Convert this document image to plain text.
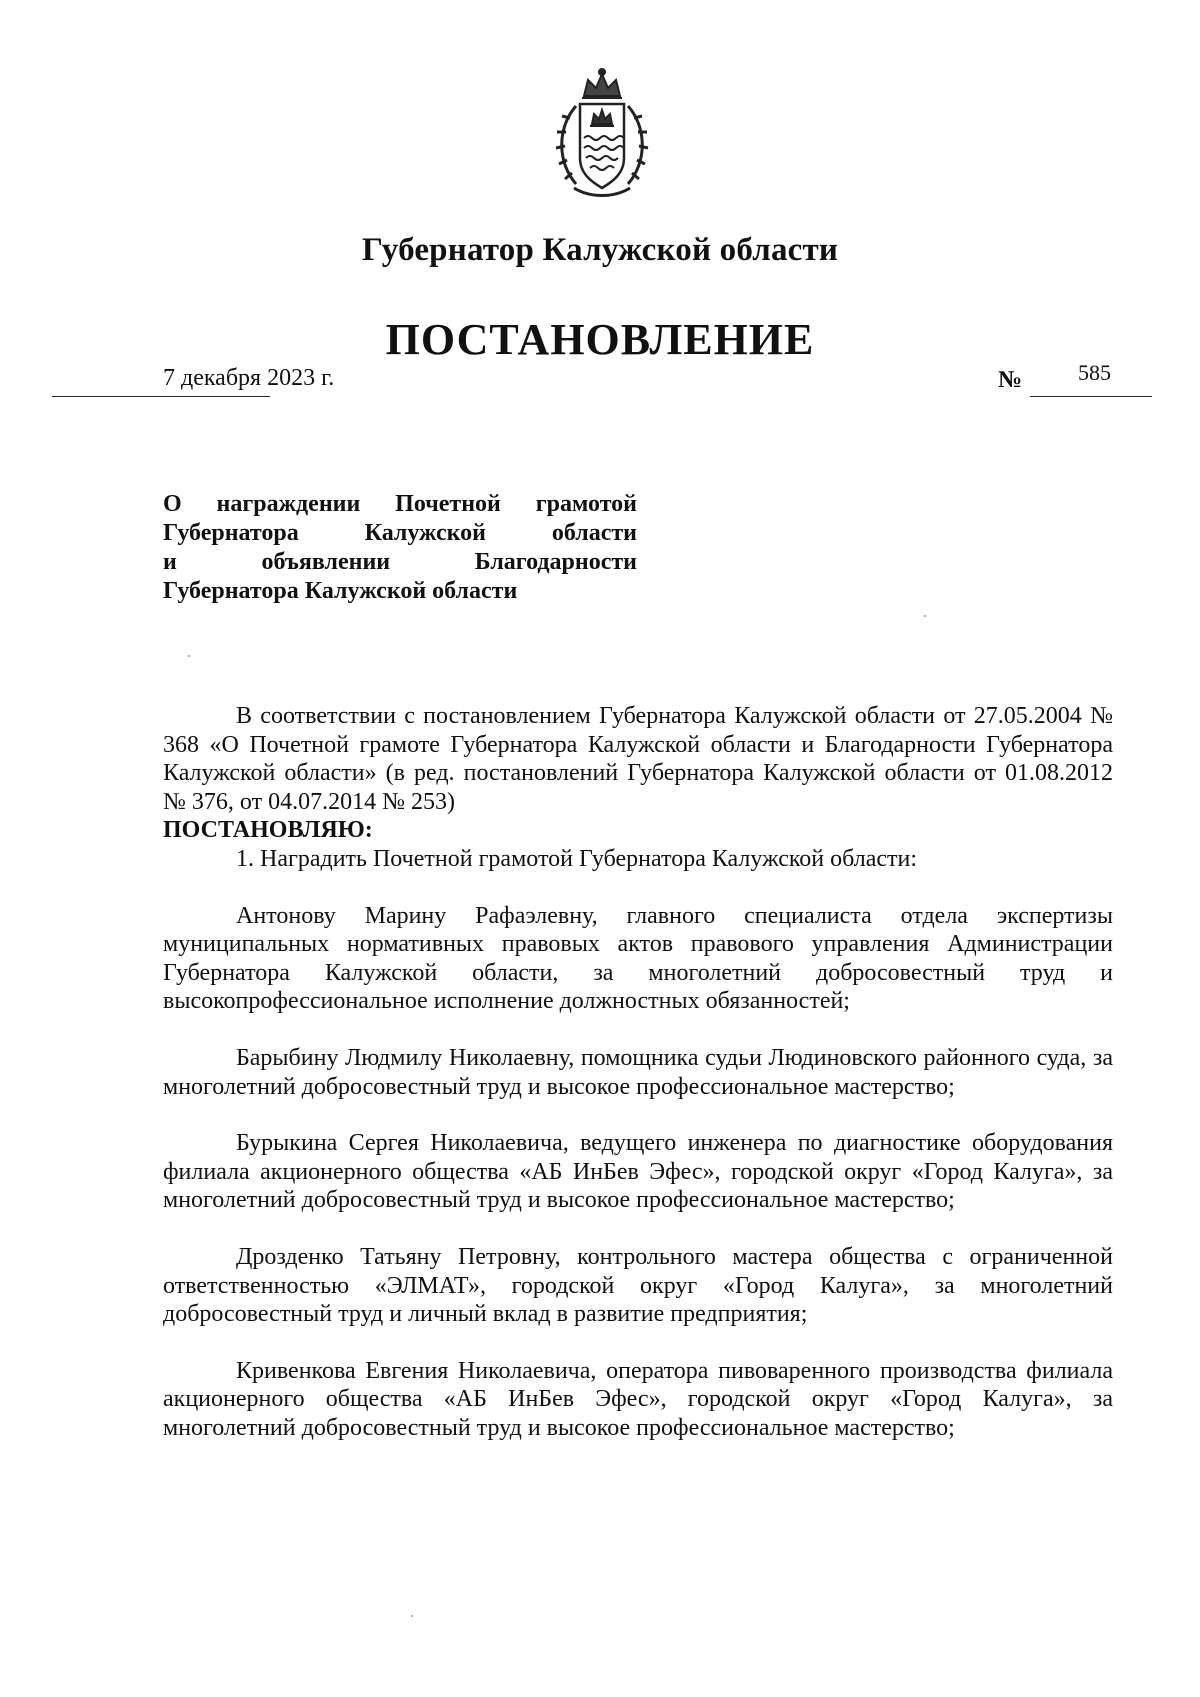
Губернатор Калужской области
ПОСТАНОВЛЕНИЕ
7 декабря 2023 г.	№	585
О награждении Почетной грамотой
Губернатора Калужской области
и объявлении Благодарности
Губернатора Калужской области

В соответствии с постановлением Губернатора Калужской области от 27.05.2004 № 368 «О Почетной грамоте Губернатора Калужской области и Благодарности Губернатора Калужской области» (в ред. постановлений Губернатора Калужской области от 01.08.2012 № 376, от 04.07.2014 № 253)
ПОСТАНОВЛЯЮ:

1. Наградить Почетной грамотой Губернатора Калужской области:

Антонову Марину Рафаэлевну, главного специалиста отдела экспертизы муниципальных нормативных правовых актов правового управления Администрации Губернатора Калужской области, за многолетний добросовестный труд и высокопрофессиональное исполнение должностных обязанностей;

Барыбину Людмилу Николаевну, помощника судьи Людиновского районного суда, за многолетний добросовестный труд и высокое профессиональное мастерство;

Бурыкина Сергея Николаевича, ведущего инженера по диагностике оборудования филиала акционерного общества «АБ ИнБев Эфес», городской округ «Город Калуга», за многолетний добросовестный труд и высокое профессиональное мастерство;

Дрозденко Татьяну Петровну, контрольного мастера общества с ограниченной ответственностью «ЭЛМАТ», городской округ «Город Калуга», за многолетний добросовестный труд и личный вклад в развитие предприятия;

Кривенкова Евгения Николаевича, оператора пивоваренного производства филиала акционерного общества «АБ ИнБев Эфес», городской округ «Город Калуга», за многолетний добросовестный труд и высокое профессиональное мастерство;
